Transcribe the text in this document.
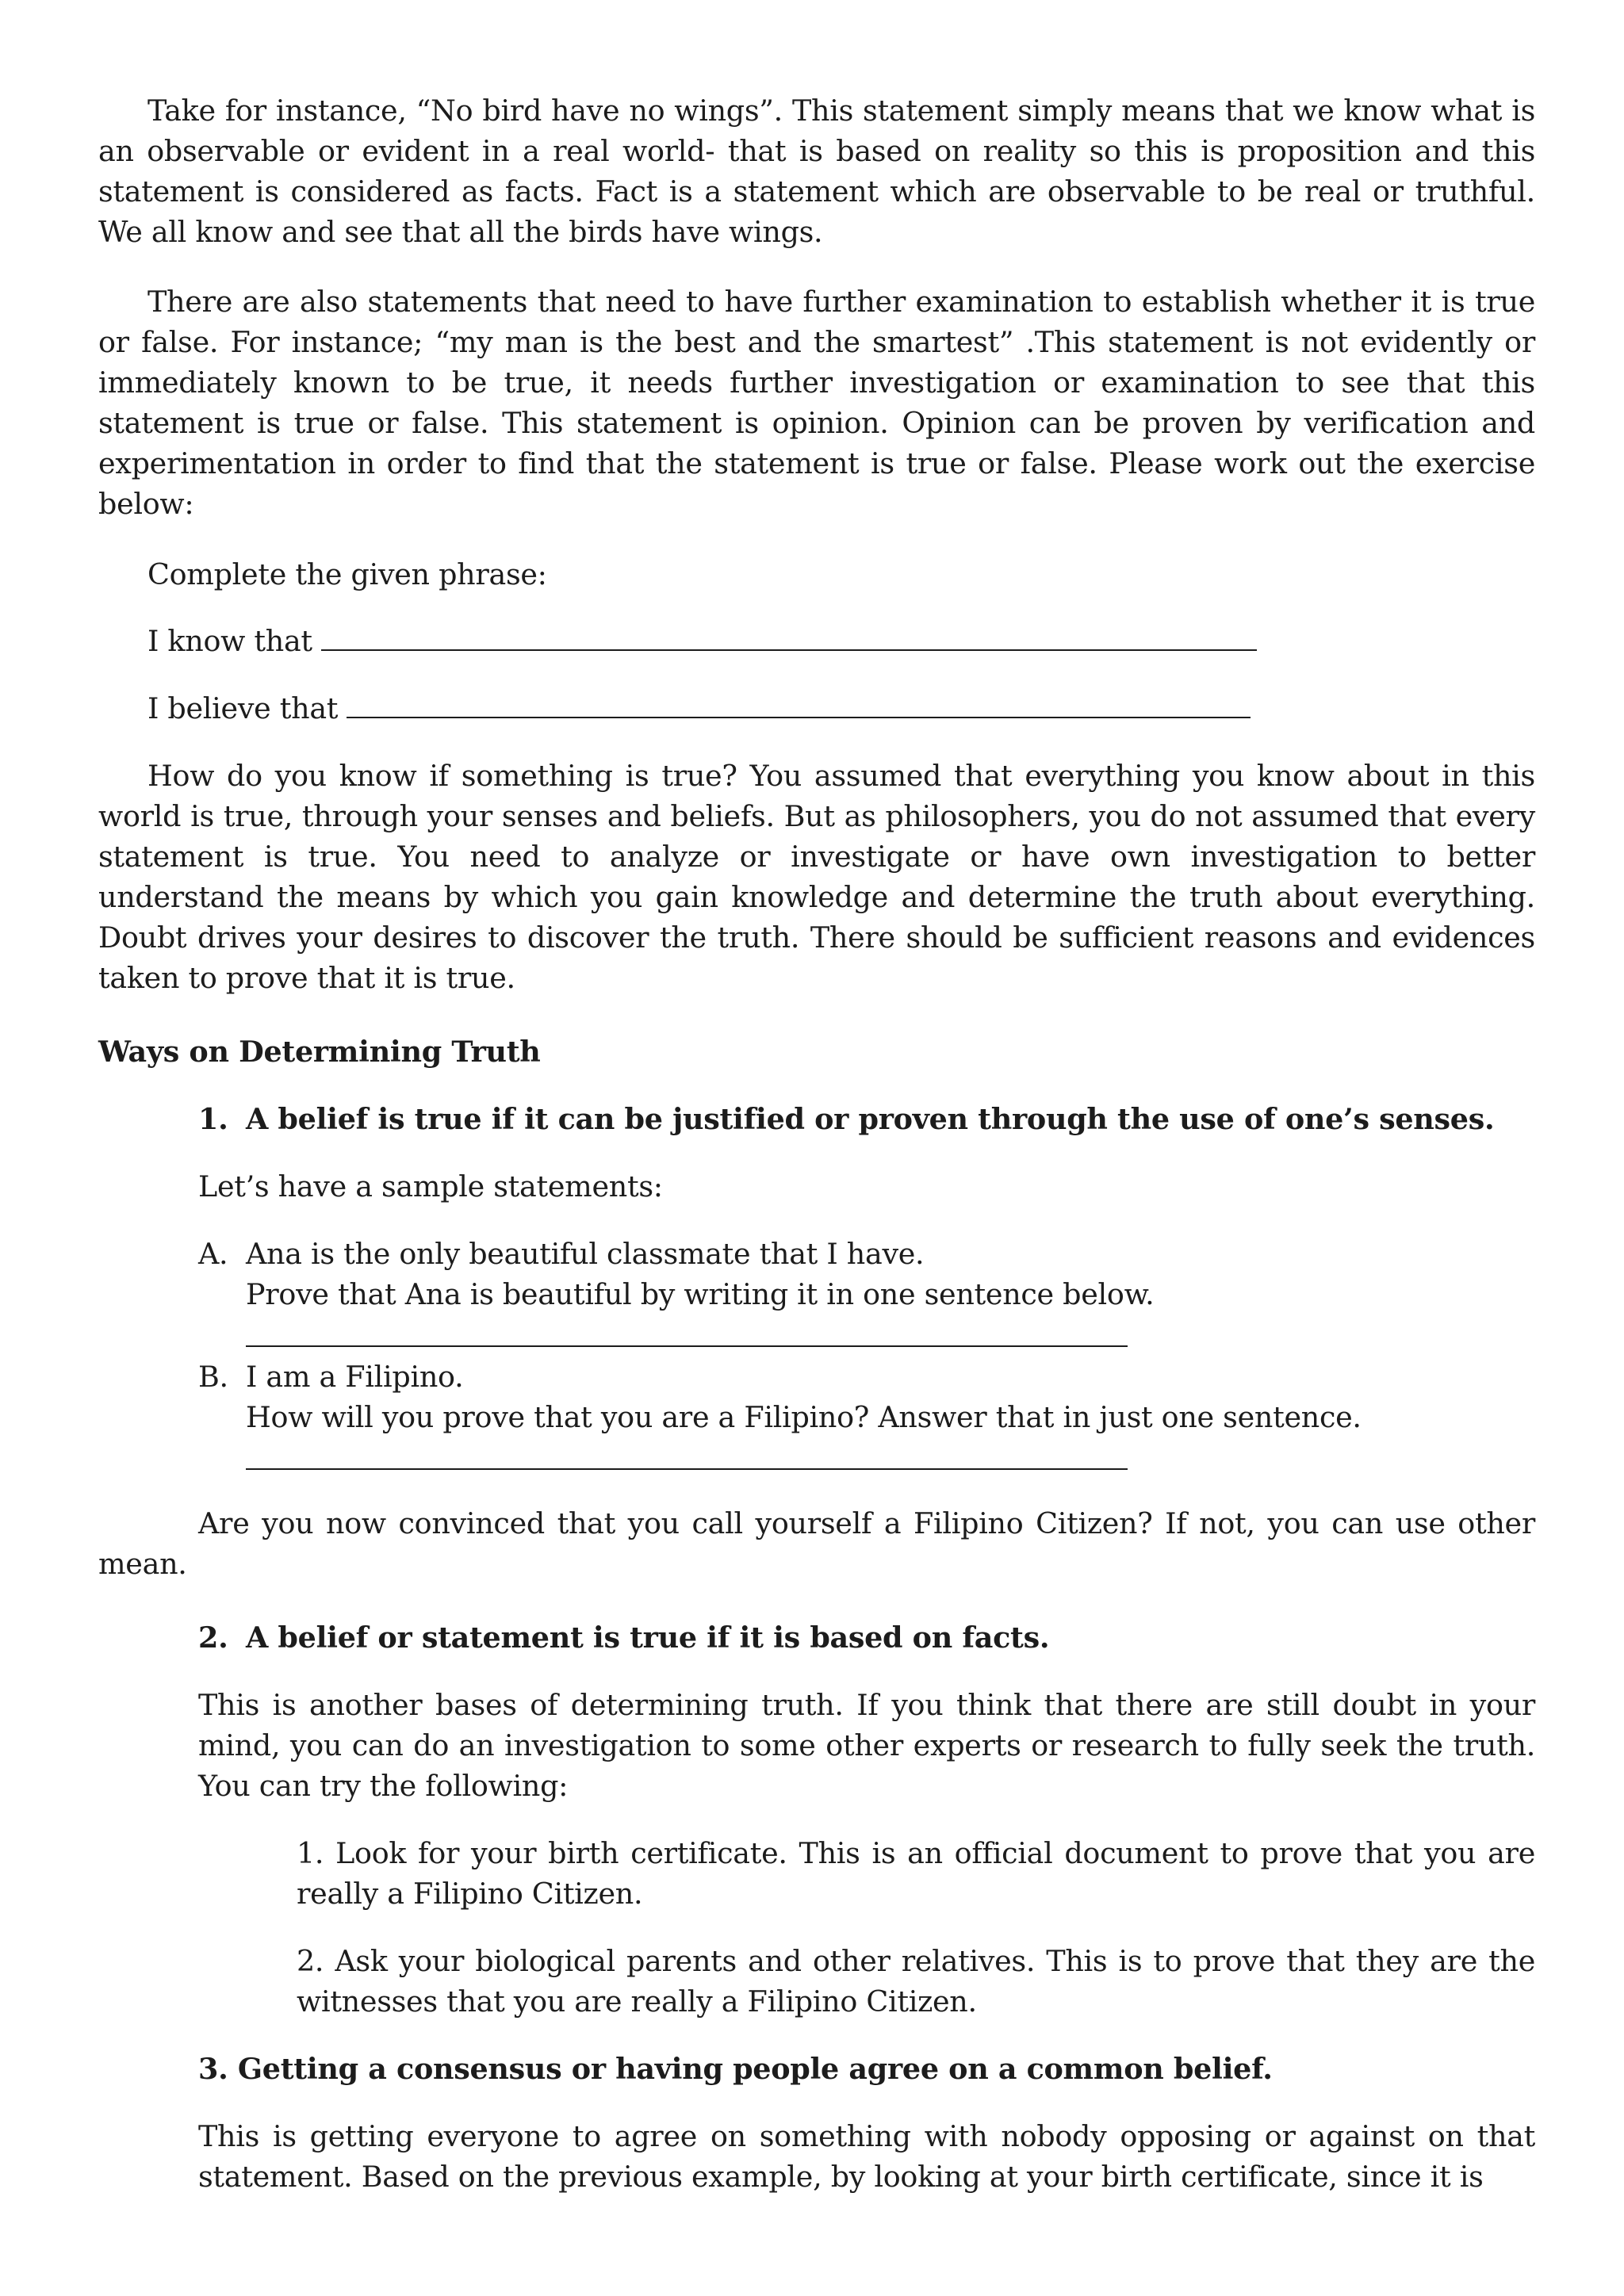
Take for instance, “No bird have no wings”. This statement simply means that we know what is an observable or evident in a real world- that is based on reality so this is proposition and this statement is considered as facts. Fact is a statement which are observable to be real or truthful. We all know and see that all the birds have wings.

There are also statements that need to have further examination to establish whether it is true or false. For instance; “my man is the best and the smartest” .This statement is not evidently or immediately known to be true, it needs further investigation or examination to see that this statement is true or false. This statement is opinion. Opinion can be proven by verification and experimentation in order to find that the statement is true or false. Please work out the exercise below:

Complete the given phrase:

I know that

I believe that

How do you know if something is true? You assumed that everything you know about in this world is true, through your senses and beliefs. But as philosophers, you do not assumed that every statement is true. You need to analyze or investigate or have own investigation to better understand the means by which you gain knowledge and determine the truth about everything. Doubt drives your desires to discover the truth. There should be sufficient reasons and evidences taken to prove that it is true.

Ways on Determining Truth

1. A belief is true if it can be justified or proven through the use of one’s senses.

Let’s have a sample statements:

A. Ana is the only beautiful classmate that I have.

Prove that Ana is beautiful by writing it in one sentence below.

B. I am a Filipino.

How will you prove that you are a Filipino? Answer that in just one sentence.

Are you now convinced that you call yourself a Filipino Citizen? If not, you can use other mean.

2. A belief or statement is true if it is based on facts.

This is another bases of determining truth. If you think that there are still doubt in your mind, you can do an investigation to some other experts or research to fully seek the truth. You can try the following:

1. Look for your birth certificate. This is an official document to prove that you are really a Filipino Citizen.

2. Ask your biological parents and other relatives. This is to prove that they are the witnesses that you are really a Filipino Citizen.

3. Getting a consensus or having people agree on a common belief.

This is getting everyone to agree on something with nobody opposing or against on that statement. Based on the previous example, by looking at your birth certificate, since it is
